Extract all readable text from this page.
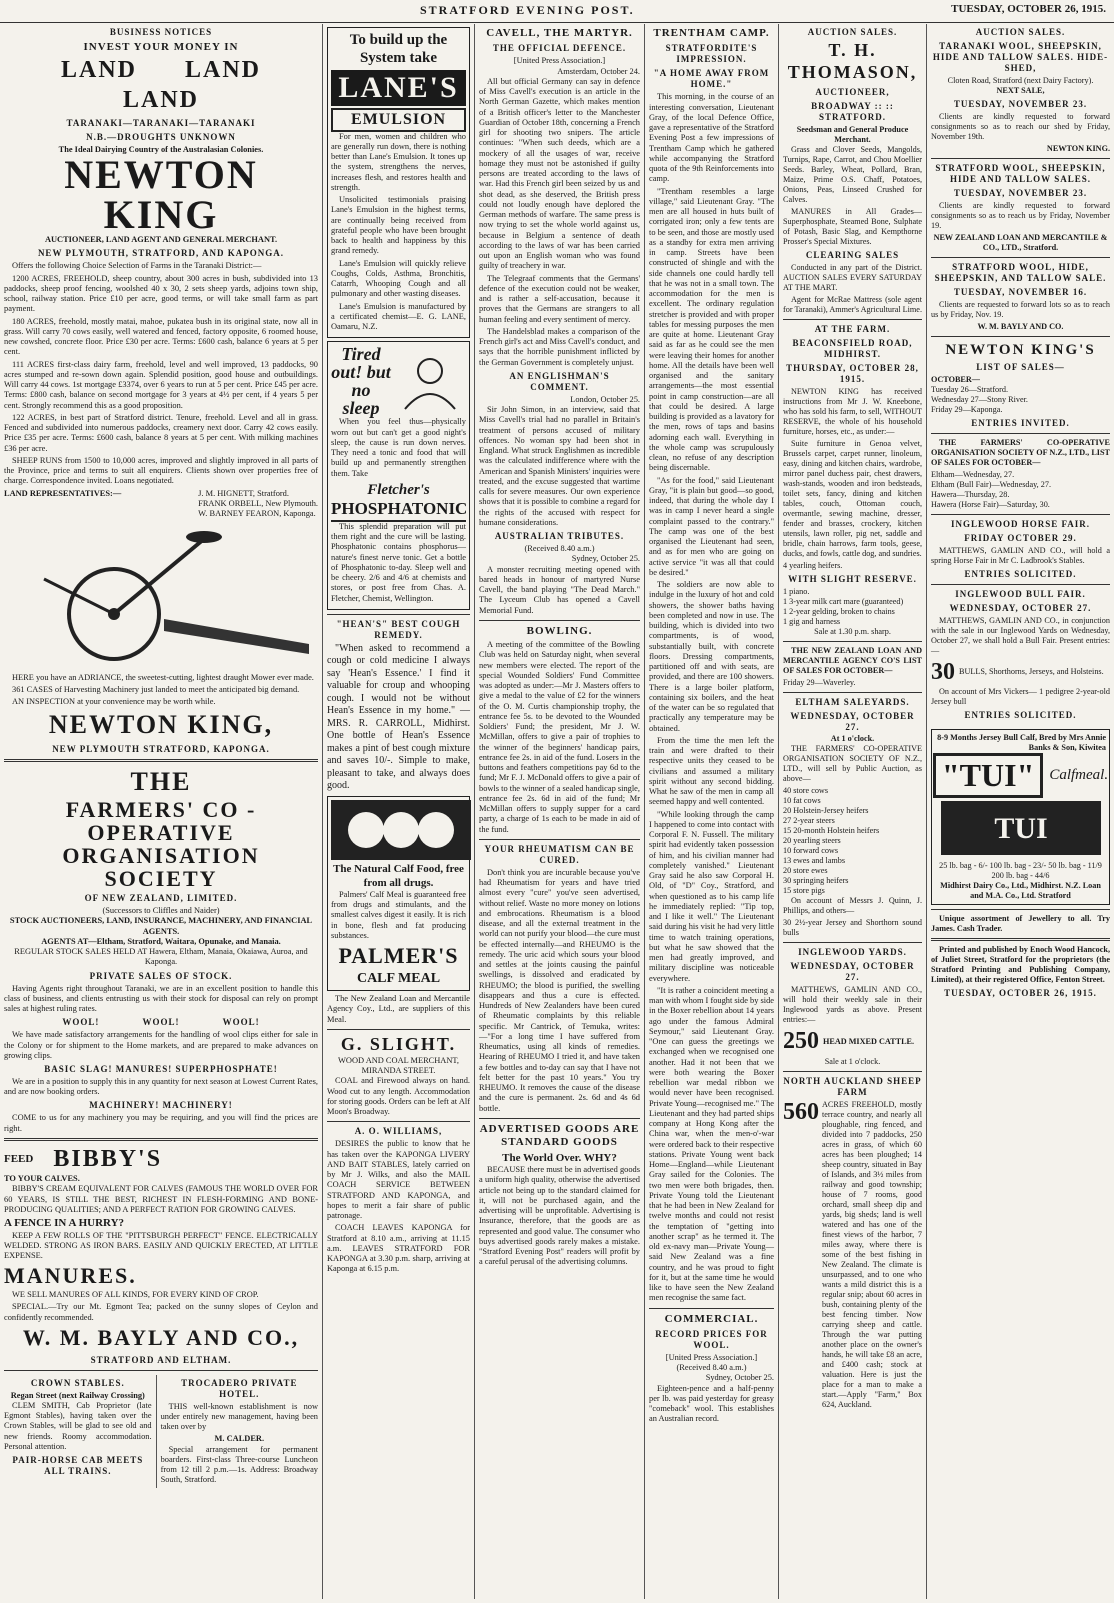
STRATFORD EVENING POST.	TUESDAY, OCTOBER 26, 1915.
BUSINESS NOTICES
INVEST YOUR MONEY IN
LAND LAND LAND
TARANAKI—TARANAKI—TARANAKI
N.B.—DROUGHTS UNKNOWN
The Ideal Dairying Country of the Australasian Colonies.
NEWTON KING
AUCTIONEER, LAND AGENT AND GENERAL MERCHANT.
NEW PLYMOUTH, STRATFORD, AND KAPONGA.

Offers the following Choice Selection of Farms in the Taranaki District:—

1200 ACRES, FREEHOLD, sheep country, about 300 acres in bush, subdivided into 13 paddocks, sheep proof fencing, woolshed 40 x 30, 2 sets sheep yards, adjoins town ship, school, railway station. Price £10 per acre, good terms, or will take small farm as part payment.

180 ACRES, freehold, mostly matai, mahoe, pukatea bush in its original state, now all in grass. Will carry 70 cows easily, well watered and fenced, factory opposite, 6 roomed house, new cowshed, concrete floor. Price £30 per acre. Terms: £600 cash, balance 6 years at 5 per cent.

111 ACRES first-class dairy farm, freehold, level and well improved, 13 paddocks, 90 acres stumped and re-sown down again. Splendid position, good house and outbuildings. Will carry 44 cows. 1st mortgage £3374, over 6 years to run at 5 per cent. Price £45 per acre. Terms: £800 cash, balance on second mortgage for 3 years at 4½ per cent, if 4 years 5 per cent. Strongly recommend this as a good proposition.

122 ACRES, in best part of Stratford district. Tenure, freehold. Level and all in grass. Fenced and subdivided into numerous paddocks, creamery next door. Carry 42 cows easily. Price £35 per acre. Terms: £600 cash, balance 8 years at 5 per cent. With milking machines £36 per acre.

SHEEP RUNS from 1500 to 10,000 acres, improved and slightly improved in all parts of the Province, price and terms to suit all enquirers. Clients shown over properties free of charge. Correspondence invited. Loans negotiated.

LAND REPRESENTATIVES:—	J. M. HIGNETT, Stratford.
FRANK ORBELL, New Plymouth.
W. BARNEY FEARON, Kaponga.

HERE you have an ADRIANCE, the sweetest-cutting, lightest draught Mower ever made.

361 CASES of Harvesting Machinery just landed to meet the anticipated big demand.

AN INSPECTION at your convenience may be worth while.

NEWTON KING,
NEW PLYMOUTH STRATFORD, KAPONGA.
THE
FARMERS' CO - OPERATIVE ORGANISATION SOCIETY
OF NEW ZEALAND, LIMITED.
(Successors to Cliffles and Naider)
STOCK AUCTIONEERS, LAND, INSURANCE, MACHINERY, AND FINANCIAL AGENTS.
AGENTS AT—Eltham, Stratford, Waitara, Opunake, and Manaia.
REGULAR STOCK SALES HELD AT Hawera, Eltham, Manaia, Okaiawa, Auroa, and Kaponga.
PRIVATE SALES OF STOCK.

Having Agents right throughout Taranaki, we are in an excellent position to handle this class of business, and clients entrusting us with their stock for disposal can rely on prompt sales at highest ruling rates.

WOOL! WOOL! WOOL!

We have made satisfactory arrangements for the handling of wool clips either for sale in the Colony or for shipment to the Home markets, and are prepared to make advances on growing clips.

BASIC SLAG! MANURES! SUPERPHOSPHATE!

We are in a position to supply this in any quantity for next season at Lowest Current Rates, and are now booking orders.

MACHINERY! MACHINERY!

COME to us for any machinery you may be requiring, and you will find the prices are right.

FEED BIBBY'S
TO YOUR CALVES.

BIBBY'S CREAM EQUIVALENT FOR CALVES (FAMOUS THE WORLD OVER FOR 60 YEARS, IS STILL THE BEST, RICHEST IN FLESH-FORMING AND BONE-PRODUCING QUALITIES; AND A PERFECT RATION FOR GROWING CALVES.

A FENCE IN A HURRY?

KEEP A FEW ROLLS OF THE "PITTSBURGH PERFECT" FENCE. ELECTRICALLY WELDED. STRONG AS IRON BARS. EASILY AND QUICKLY ERECTED, AT LITTLE EXPENSE.

MANURES.

WE SELL MANURES OF ALL KINDS, FOR EVERY KIND OF CROP.

SPECIAL.—Try our Mt. Egmont Tea; packed on the sunny slopes of Ceylon and confidently recommended.

W. M. BAYLY AND CO.,
STRATFORD AND ELTHAM.
CROWN STABLES.
Regan Street (next Railway Crossing)

CLEM SMITH, Cab Proprietor (late Egmont Stables), having taken over the Crown Stables, will be glad to see old and new friends. Roomy accommodation. Personal attention.

PAIR-HORSE CAB MEETS ALL TRAINS.
TROCADERO PRIVATE HOTEL.

THIS well-known establishment is now under entirely new management, having been taken over by

M. CALDER.

Special arrangement for permanent boarders. First-class Three-course Luncheon from 12 till 2 p.m.—1s. Address: Broadway South, Stratford.

To build up the System take
LANE'S
EMULSION

For men, women and children who are generally run down, there is nothing better than Lane's Emulsion. It tones up the system, strengthens the nerves, increases flesh, and restores health and strength.

Unsolicited testimonials praising Lane's Emulsion in the highest terms, are continually being received from grateful people who have been brought back to health and happiness by this grand remedy.

Lane's Emulsion will quickly relieve Coughs, Colds, Asthma, Bronchitis, Catarrh, Whooping Cough and all pulmonary and other wasting diseases.

Lane's Emulsion is manufactured by a certificated chemist—E. G. LANE, Oamaru, N.Z.

Tired out! but no sleep

When you feel thus—physically worn out but can't get a good night's sleep, the cause is run down nerves. They need a tonic and food that will build up and permanently strengthen them. Take

Fletcher's
PHOSPHATONIC

This splendid preparation will put them right and the cure will be lasting. Phosphatonic contains phosphorus—nature's finest nerve tonic. Get a bottle of Phosphatonic to-day. Sleep well and be cheery. 2/6 and 4/6 at chemists and stores, or post free from Chas. A. Fletcher, Chemist, Wellington.

"HEAN'S" BEST COUGH REMEDY.

"When asked to recommend a cough or cold medicine I always say 'Hean's Essence.' I find it valuable for croup and whooping cough. I would not be without Hean's Essence in my home." —MRS. R. CARROLL, Midhirst. One bottle of Hean's Essence makes a pint of best cough mixture and saves 10/-. Simple to make, pleasant to take, and always does good.

The Natural Calf Food, free from all drugs.

Palmers' Calf Meal is guaranteed free from drugs and stimulants, and the smallest calves digest it easily. It is rich in bone, flesh and fat producing substances.

PALMER'S
CALF MEAL

The New Zealand Loan and Mercantile Agency Coy., Ltd., are suppliers of this Meal.

G. SLIGHT.
WOOD AND COAL MERCHANT, MIRANDA STREET.

COAL and Firewood always on hand. Wood cut to any length. Accommodation for storing goods. Orders can be left at Alf Moon's Broadway.

A. O. WILLIAMS,

DESIRES the public to know that he has taken over the KAPONGA LIVERY AND BAIT STABLES, lately carried on by Mr J. Wilks, and also the MAIL COACH SERVICE BETWEEN STRATFORD AND KAPONGA, and hopes to merit a fair share of public patronage.

COACH LEAVES KAPONGA for Stratford at 8.10 a.m., arriving at 11.15 a.m. LEAVES STRATFORD FOR KAPONGA at 3.30 p.m. sharp, arriving at Kaponga at 6.15 p.m.

CAVELL, THE MARTYR.
THE OFFICIAL DEFENCE.
[United Press Association.]
Amsterdam, October 24.

All but official Germany can say in defence of Miss Cavell's execution is an article in the North German Gazette, which makes mention of a British officer's letter to the Manchester Guardian of October 18th, concerning a French girl for shooting two snipers. The article continues: "When such deeds, which are a mockery of all the usages of war, receive homage they must not be astonished if guilty persons are treated according to the laws of war. Had this French girl been seized by us and shot dead, as she deserved, the British press could not loudly enough have deplored the German methods of warfare. The same press is now trying to set the whole world against us, because in Belgium a sentence of death according to the laws of war has been carried out upon an English woman who was found guilty of treachery in war.

The Telegraaf comments that the Germans' defence of the execution could not be weaker, and is rather a self-accusation, because it proves that the Germans are strangers to all human feeling and every sentiment of mercy.

The Handelsblad makes a comparison of the French girl's act and Miss Cavell's conduct, and says that the horrible punishment inflicted by the German Government is completely unjust.

AN ENGLISHMAN'S COMMENT.
London, October 25.

Sir John Simon, in an interview, said that Miss Cavell's trial had no parallel in Britain's treatment of persons accused of military offences. No woman spy had been shot in England. What struck Englishmen as incredible was the calculated indifference where with the American and Spanish Ministers' inquiries were treated, and the excuse suggested that wartime calls for severe measures. Our own experience shows that it is possible to combine a regard for the rights of the accused with respect for humane considerations.

AUSTRALIAN TRIBUTES.
(Received 8.40 a.m.)
Sydney, October 25.

A monster recruiting meeting opened with bared heads in honour of martyred Nurse Cavell, the band playing "The Dead March." The Lyceum Club has opened a Cavell Memorial Fund.

BOWLING.

A meeting of the committee of the Bowling Club was held on Saturday night, when several new members were elected. The report of the special Wounded Soldiers' Fund Committee was adopted as under:—Mr J. Masters offers to give a medal to the value of £2 for the winners of the O. M. Curtis championship trophy, the entrance fee 5s. to be devoted to the Wounded Soldiers' Fund; the president, Mr J. W. McMillan, offers to give a pair of trophies to the winner of the beginners' handicap pairs, entrance fee 2s. in aid of the fund. Losers in the buttons and feathers competitions pay 6d to the fund; Mr F. J. McDonald offers to give a pair of bowls to the winner of a sealed handicap single, entrance fee 2s. 6d in aid of the fund; Mr McMillan offers to supply supper for a card party, a charge of 1s each to be made in aid of the fund.

YOUR RHEUMATISM CAN BE CURED.

Don't think you are incurable because you've had Rheumatism for years and have tried almost every "cure" you've seen advertised, without relief. Waste no more money on lotions and embrocations. Rheumatism is a blood disease, and all the external treatment in the world can not purify your blood—the cure must be effected internally—and RHEUMO is the remedy. The uric acid which sours your blood and settles at the joints causing the painful swellings, is dissolved and eradicated by RHEUMO; the blood is purified, the swelling disappears and thus a cure is effected. Hundreds of New Zealanders have been cured of Rheumatic complaints by this reliable specific. Mr Cantrick, of Temuka, writes:—"For a long time I have suffered from Rheumatics, using all kinds of remedies. Hearing of RHEUMO I tried it, and have taken a few bottles and to-day can say that I have not felt better for the past 10 years." You try RHEUMO. It removes the cause of the disease and the cure is permanent. 2s. 6d and 4s 6d bottle.

ADVERTISED GOODS ARE STANDARD GOODS
The World Over. WHY?

BECAUSE there must be in advertised goods a uniform high quality, otherwise the advertised article not being up to the standard claimed for it, will not be purchased again, and the advertising will be unprofitable. Advertising is Insurance, therefore, that the goods are as represented and good value. The consumer who buys advertised goods rarely makes a mistake. "Stratford Evening Post" readers will profit by a careful perusal of the advertising columns.

TRENTHAM CAMP.
STRATFORDITE'S IMPRESSION.
"A HOME AWAY FROM HOME."

This morning, in the course of an interesting conversation, Lieutenant Gray, of the local Defence Office, gave a representative of the Stratford Evening Post a few impressions of Trentham Camp which he gathered while accompanying the Stratford quota of the 9th Reinforcements into camp.

"Trentham resembles a large village," said Lieutenant Gray. "The men are all housed in huts built of corrigated iron; only a few tents are to be seen, and those are mostly used as a standby for extra men arriving in camp. Streets have been constructed of shingle and with the side channels one could hardly tell that he was not in a small town. The accommodation for the men is excellent. The ordinary regulation stretcher is provided and with proper tables for messing purposes the men are quite at home. Lieutenant Gray said as far as he could see the men were leaving their homes for another home. All the details have been well organised and the sanitary arrangements—the most essential point in camp construction—are all that could be desired. A large building is provided as a lavatory for the men, rows of taps and basins adorning each wall. Everything in the whole camp was scrupulously clean, no refuse of any description being discernable.

"As for the food," said Lieutenant Gray, "it is plain but good—so good, indeed, that during the whole day I was in camp I never heard a single complaint passed to the contrary." The camp was one of the best organised the Lieutenant had seen, and as for men who are going on active service "it was all that could be desired."

The soldiers are now able to indulge in the luxury of hot and cold showers, the shower baths having been completed and now in use. The building, which is divided into two compartments, is of wood, substantially built, with concrete floors. Dressing compartments, partitioned off and with seats, are provided, and there are 100 showers. There is a large boiler platform, containing six boilers, and the heat of the water can be so regulated that practically any temperature may be obtained.

From the time the men left the train and were drafted to their respective units they ceased to be civilians and assumed a military spirit without any second bidding. What he saw of the men in camp all seemed happy and well contented.

"While looking through the camp I happened to come into contact with Corporal F. N. Fussell. The military spirit had evidently taken possession of him, and his civilian manner had completely vanished." Lieutenant Gray said he also saw Corporal H. Old, of "D" Coy., Stratford, and when questioned as to his camp life he immediately replied: "Tip top, and I like it well." The Lieutenant said during his visit he had very little time to watch training operations, but what he saw showed that the men had greatly improved, and military discipline was noticeable everywhere.

"It is rather a coincident meeting a man with whom I fought side by side in the Boxer rebellion about 14 years ago under the famous Admiral Seymour," said Lieutenant Gray. "One can guess the greetings we exchanged when we recognised one another. Had it not been that we were both wearing the Boxer rebellion war medal ribbon we would never have been recognised. Private Young—recognised me." The Lieutenant and they had parted ships company at Hong Kong after the China war, when the men-o'-war were ordered back to their respective stations. Private Young went back Home—England—while Lieutenant Gray sailed for the Colonies. The two men were both brigades, then. Private Young told the Lieutenant that he had been in New Zealand for twelve months and could not resist the temptation of "getting into another scrap" as he termed it. The old ex-navy man—Private Young—said New Zealand was a fine country, and he was proud to fight for it, but at the same time he would like to have seen the New Zealand men recognise the same fact.

COMMERCIAL.
RECORD PRICES FOR WOOL.
[United Press Association.]
(Received 8.40 a.m.)
Sydney, October 25.

Eighteen-pence and a half-penny per lb. was paid yesterday for greasy "comeback" wool. This establishes an Australian record.

AUCTION SALES.
T. H. THOMASON,
AUCTIONEER,
BROADWAY :: :: STRATFORD.
Seedsman and General Produce Merchant.

Grass and Clover Seeds, Mangolds, Turnips, Rape, Carrot, and Chou Moellier Seeds. Barley, Wheat, Pollard, Bran, Maize, Prime O.S. Chaff, Potatoes, Onions, Peas, Linseed Crushed for Calves.

MANURES in All Grades—Superphosphate, Steamed Bone, Sulphate of Potash, Basic Slag, and Kempthorne Prosser's Special Mixtures.

CLEARING SALES

Conducted in any part of the District. AUCTION SALES EVERY SATURDAY AT THE MART.

Agent for McRae Mattress (sole agent for Taranaki), Ammer's Agricultural Lime.

AT THE FARM.
BEACONSFIELD ROAD, MIDHIRST.
THURSDAY, OCTOBER 28, 1915.

NEWTON KING has received instructions from Mr J. W. Kneebone, who has sold his farm, to sell, WITHOUT RESERVE, the whole of his household furniture, horses, etc., as under:—

Suite furniture in Genoa velvet, Brussels carpet, carpet runner, linoleum, easy, dining and kitchen chairs, wardrobe, mirror panel duchess pair, chest drawers, wash-stands, wooden and iron bedsteads, toilet sets, fancy, dining and kitchen tables, couch, Ottoman couch, overmantle, sewing machine, dresser, fender and brasses, crockery, kitchen utensils, lawn roller, pig net, saddle and bridle, chain harrows, farm tools, geese, ducks, and fowls, cattle dog, and sundries.

4 yearling heifers.
WITH SLIGHT RESERVE.
1 piano.
1 3-year milk cart mare (guaranteed)
1 2-year gelding, broken to chains
1 gig and harness
Sale at 1.30 p.m. sharp.

THE NEW ZEALAND LOAN AND MERCANTILE AGENCY CO'S LIST OF SALES FOR OCTOBER—

Friday 29—Waverley.
ELTHAM SALEYARDS.
WEDNESDAY, OCTOBER 27.
At 1 o'clock.

THE FARMERS' CO-OPERATIVE ORGANISATION SOCIETY OF N.Z., LTD., will sell by Public Auction, as above—

40 store cows
10 fat cows
20 Holstein-Jersey heifers
27 2-year steers
15 20-month Holstein heifers
20 yearling steers
10 forward cows
13 ewes and lambs
20 store ewes
30 springing heifers
15 store pigs

On account of Messrs J. Quinn, J. Phillips, and others—

30 2½-year Jersey and Shorthorn sound bulls
INGLEWOOD YARDS.
WEDNESDAY, OCTOBER 27.

MATTHEWS, GAMLIN AND CO., will hold their weekly sale in their Inglewood yards as above. Present entries:—

250 HEAD MIXED CATTLE.
Sale at 1 o'clock.
NORTH AUCKLAND SHEEP FARM
560 ACRES FREEHOLD, mostly terrace country, and nearly all ploughable, ring fenced, and divided into 7 paddocks, 250 acres in grass, of which 60 acres has been ploughed; 14 sheep country, situated in Bay of Islands, and 3½ miles from railway and good township; house of 7 rooms, good orchard, small sheep dip and yards, big sheds; land is well watered and has one of the finest views of the harbor, 7 miles away, where there is some of the best fishing in New Zealand. The climate is unsurpassed, and to one who wants a mild district this is a regular snip; about 60 acres in bush, containing plenty of the best fencing timber. Now carrying sheep and cattle. Through the war putting another place on the owner's hands, he will take £8 an acre, and £400 cash; stock at valuation. Here is just the place for a man to make a start.—Apply "Farm," Box 624, Auckland.

AUCTION SALES.
TARANAKI WOOL, SHEEPSKIN, HIDE AND TALLOW SALES. HIDE-SHED,
Cloten Road, Stratford (next Dairy Factory).
NEXT SALE,
TUESDAY, NOVEMBER 23.

Clients are kindly requested to forward consignments so as to reach our shed by Friday, November 19th.

NEWTON KING.
STRATFORD WOOL, SHEEPSKIN, HIDE AND TALLOW SALES.
TUESDAY, NOVEMBER 23.

Clients are kindly requested to forward consignments so as to reach us by Friday, November 19.

NEW ZEALAND LOAN AND MERCANTILE & CO., LTD., Stratford.
STRATFORD WOOL, HIDE, SHEEPSKIN, AND TALLOW SALE.
TUESDAY, NOVEMBER 16.

Clients are requested to forward lots so as to reach us by Friday, Nov. 19.

W. M. BAYLY AND CO.
NEWTON KING'S
LIST OF SALES—
OCTOBER—
Tuesday 26—Stratford.
Wednesday 27—Stony River.
Friday 29—Kaponga.
ENTRIES INVITED.

THE FARMERS' CO-OPERATIVE ORGANISATION SOCIETY OF N.Z., LTD., LIST OF SALES FOR OCTOBER—

Eltham—Wednesday, 27.
Eltham (Bull Fair)—Wednesday, 27.
Hawera—Thursday, 28.
Hawera (Horse Fair)—Saturday, 30.
INGLEWOOD HORSE FAIR.
FRIDAY OCTOBER 29.

MATTHEWS, GAMLIN AND CO., will hold a spring Horse Fair in Mr C. Ladbrook's Stables.

ENTRIES SOLICITED.
INGLEWOOD BULL FAIR.
WEDNESDAY, OCTOBER 27.

MATTHEWS, GAMLIN AND CO., in conjunction with the sale in our Inglewood Yards on Wednesday, October 27, we shall hold a Bull Fair. Present entries:—

30 BULLS, Shorthorns, Jerseys, and Holsteins.

On account of Mrs Vickers— 1 pedigree 2-year-old Jersey bull

ENTRIES SOLICITED.
8-9 Months Jersey Bull Calf, Bred by Mrs Annie Banks & Son, Kiwitea
"TUI"	Calfmeal.
TUI
25 lb. bag - 6/- 100 lb. bag - 23/- 50 lb. bag - 11/9 200 lb. bag - 44/6
Midhirst Dairy Co., Ltd., Midhirst. N.Z. Loan and M.A. Co., Ltd. Stratford

Unique assortment of Jewellery to all. Try James. Cash Trader.

Printed and published by Enoch Wood Hancock, of Juliet Street, Stratford for the proprietors (the Stratford Printing and Publishing Company, Limited), at their registered Office, Fenton Street.

TUESDAY, OCTOBER 26, 1915.
